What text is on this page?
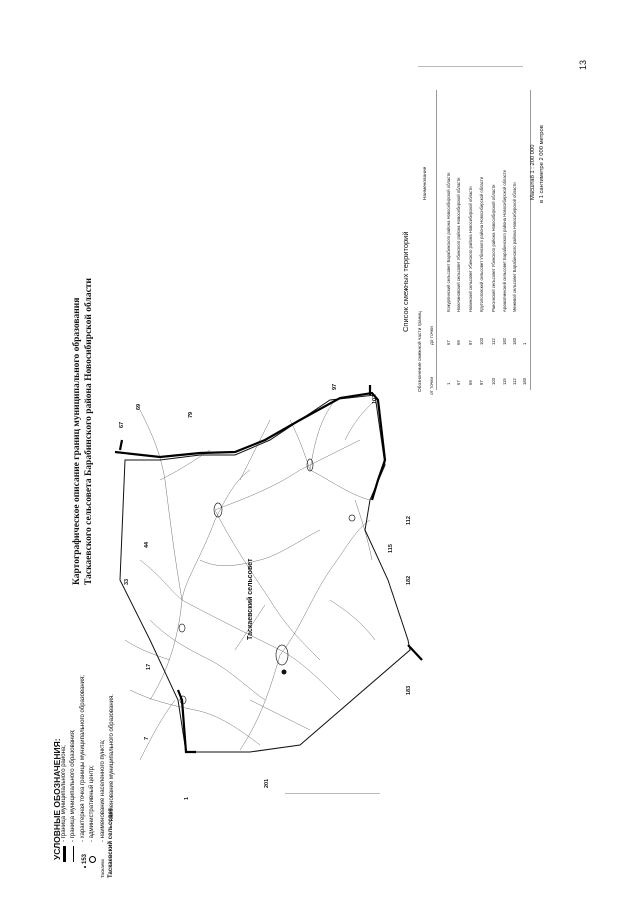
13
Картографическое описание границ муниципального образования Таскаевского сельсовета Барабинского района Новосибирской области
1
7
17
33
44
67
69
79
97
103
112
115
182
183
201
Таскаевский сельсовет
УСЛОВНЫЕ ОБОЗНАЧЕНИЯ: - граница муниципального района; - граница муниципального образования;
153
- характерная точка границы муниципального образования; - административный центр;
Таскаево
- наименование населенного пункта;
Таскаевский сельсовет
- наименование муниципального образования.
Список смежных территорий
Обозначение смежной части границ от точки
до точки
Наименование
1
67
Кожурлинский сельсовет Барабинского района Новосибирской области
67
69
Новочановский сельсовет Убинского района Новосибирской области
69
97
Новинский сельсовет Убинского района Новосибирской области
97
103
Крутологовский сельсовет Убинского района Новосибирской области
103
112
Раисинский сельсовет Убинского района Новосибирской области
115
182
Ароматненский сельсовет Барабинского района Новосибирской области
112
183
Межевой сельсовет Барабинского района Новосибирской области
183
1
Масштаб 1 : 200 000 в 1 сантиметре 2 000 метров
